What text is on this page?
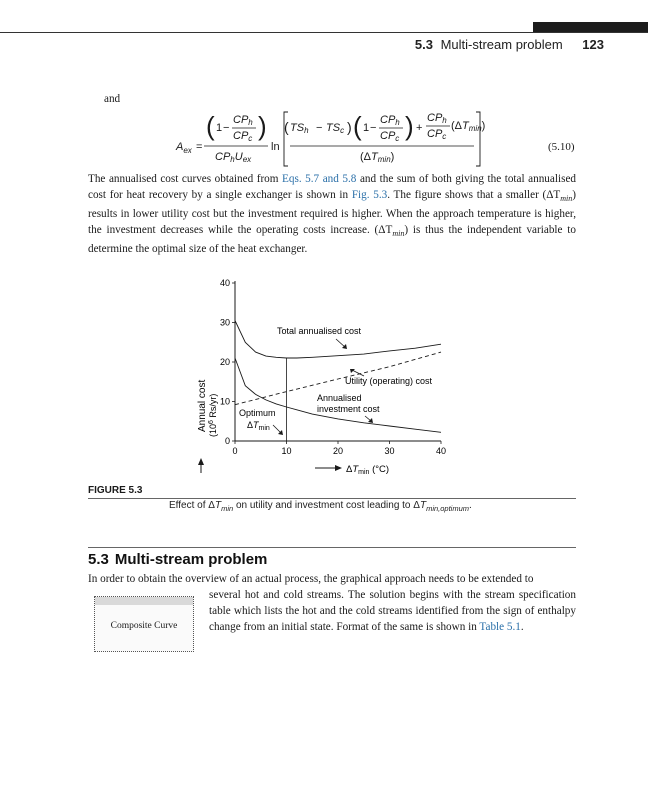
5.3 Multi-stream problem 123
and
$A_{ex}$ =
( 1 −
CPh
CPc )
CPhUex
ln
( TSh − TSc ) ( 1 −
CPh
CPc ) +
CPh
CPc
(ΔTmin)
(ΔTmin)
(5.10)
The annualised cost curves obtained from Eqs. 5.7 and 5.8 and the sum of both giving the total annualised cost for heat recovery by a single exchanger is shown in Fig. 5.3. The figure shows that a smaller $(\Delta T_{min})$ results in lower utility cost but the investment required is higher. When the approach temperature is higher, the investment decreases while the operating costs increase. $(\Delta T_{min})$ is thus the independent variable to determine the optimal size of the heat exchanger.
Annual cost ($10^6$ Rs/yr)
$\Delta T_{min}$ (°C)
0
10
20
30
40
0	10	20	30	40
Total annualised cost
Utility (operating) cost
Annualised
investment cost
Optimum
$\Delta T_{min}$
FIGURE 5.3
Effect of $\Delta T_{min}$ on utility and investment cost leading to $\Delta T_{min,optimum}$.
5.3 Multi-stream problem
In order to obtain the overview of an actual process, the graphical approach needs to be extended to
several hot and cold streams. The solution begins with the stream specification table which lists the hot and the cold streams identified from the sign of enthalpy change from an initial state. Format of the same is shown in Table 5.1.
Composite Curve
